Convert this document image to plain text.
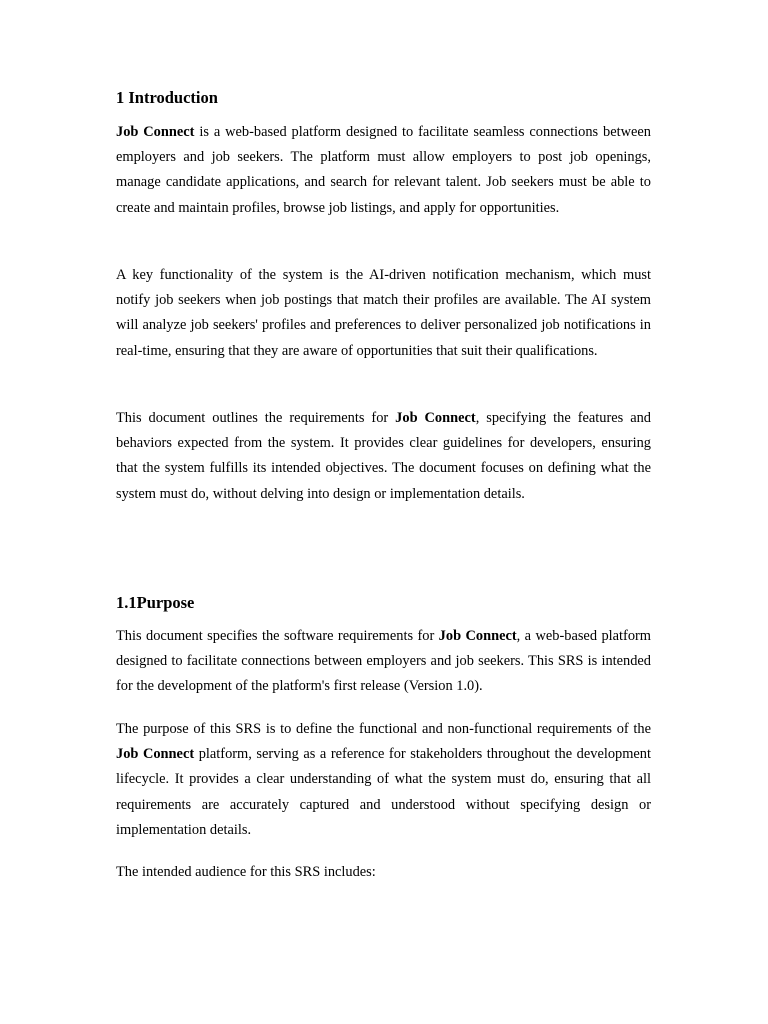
1 Introduction

Job Connect is a web-based platform designed to facilitate seamless connections between employers and job seekers. The platform must allow employers to post job openings, manage candidate applications, and search for relevant talent. Job seekers must be able to create and maintain profiles, browse job listings, and apply for opportunities.

A key functionality of the system is the AI-driven notification mechanism, which must notify job seekers when job postings that match their profiles are available. The AI system will analyze job seekers' profiles and preferences to deliver personalized job notifications in real-time, ensuring that they are aware of opportunities that suit their qualifications.

This document outlines the requirements for Job Connect, specifying the features and behaviors expected from the system. It provides clear guidelines for developers, ensuring that the system fulfills its intended objectives. The document focuses on defining what the system must do, without delving into design or implementation details.

1.1Purpose

This document specifies the software requirements for Job Connect, a web-based platform designed to facilitate connections between employers and job seekers. This SRS is intended for the development of the platform's first release (Version 1.0).

The purpose of this SRS is to define the functional and non-functional requirements of the Job Connect platform, serving as a reference for stakeholders throughout the development lifecycle. It provides a clear understanding of what the system must do, ensuring that all requirements are accurately captured and understood without specifying design or implementation details.

The intended audience for this SRS includes:
